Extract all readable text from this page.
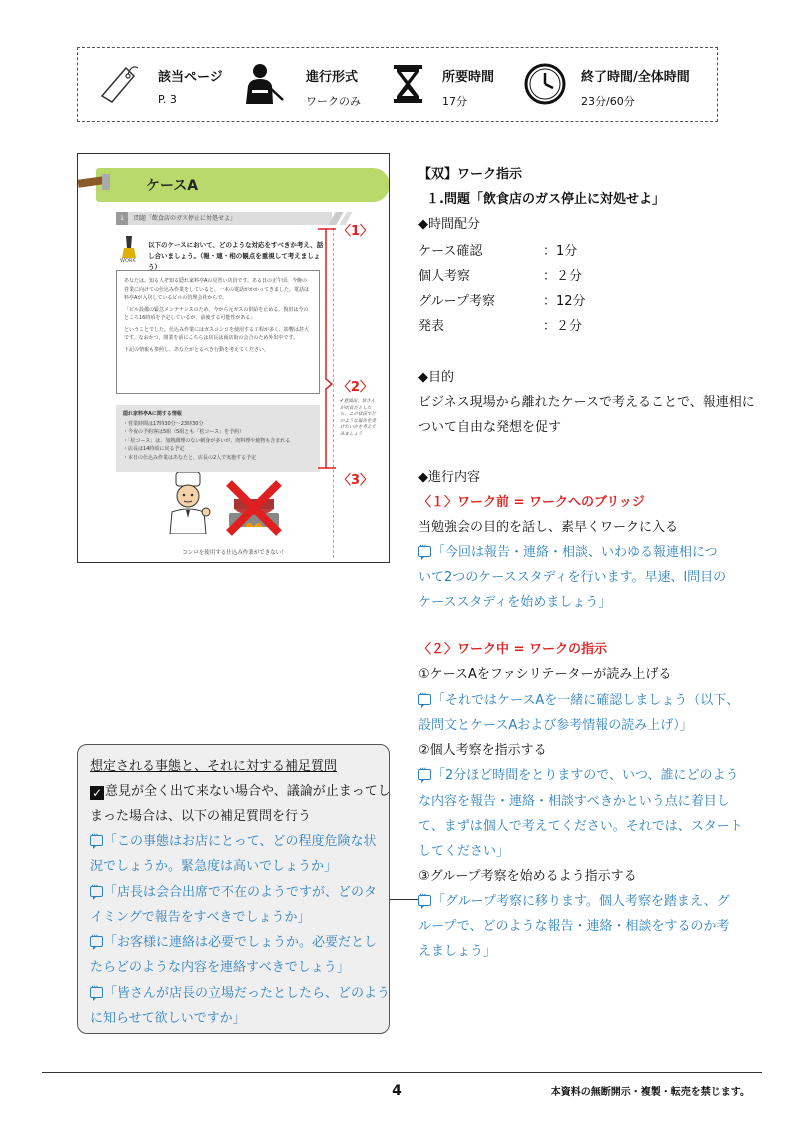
該当ページ
P. 3
進行形式
ワークのみ
所要時間
17分
終了時間/全体時間
23分/60分
ケースA
1	問題「飲食店のガス停止に対処せよ」
WORK
以下のケースにおいて、どのような対応をすべきか考え、話し合いましょう。（報・連・相の観点を重視して考えましょう）

あなたは、知る人ぞ知る隠れ家料亭Aの見習い店員です。ある日の正午頃、今晩の営業に向けての仕込み作業をしていると、一本の電話がかかってきました。電話は料亭Aが入居しているビルの管理会社からで、

「ビル設備の緊急メンテナンスのため、今から元ガスの供給を止める。復旧は今のところ16時頃を予定しているが、前後する可能性がある」

ということでした。仕込み作業にはガスコンロを使用する工程が多く、影響は甚大です。なおかつ、閉業を前にこちらは店長は商店街の会合のため外出中です。

下記の情報も参照し、あなたがとるべき行動を考えてください。

隠れ家料亭Aに関する情報
・営業時間は17時30分〜23時30分
・今夜の予約客は5組（5組とも「松コース」を予約）
・「松コース」は、加熱調理のない刺身が多いが、肉料理や焼物も含まれる
・店長は14時頃に戻る予定
・本日の仕込み作業はあなたと、店長の2人で実施する予定
✔意図出：皆さんが店長だとしたら、この状況でどのような報告を受けたいかを考えてみましょう
コンロを使用する仕込み作業ができない！
〈1〉
〈2〉
〈3〉
【双】ワーク指示
１.問題「飲食店のガス停止に対処せよ」
◆時間配分
ケース確認	：1分
個人考察	：２分
グループ考察	：12分
発表	：２分
◆目的
ビジネス現場から離れたケースで考えることで、報連相に
ついて自由な発想を促す
◆進行内容
〈１〉ワーク前 = ワークへのブリッジ
当勉強会の目的を話し、素早くワークに入る
···「今回は報告・連絡・相談、いわゆる報連相につ
いて2つのケーススタディを行います。早速、l問目の
ケーススタディを始めましょう」
〈２〉ワーク中 = ワークの指示
①ケースAをファシリテーターが読み上げる
···「それではケースAを一緒に確認しましょう（以下、
設問文とケースAおよび参考情報の読み上げ）」
②個人考察を指示する
···「2分ほど時間をとりますので、いつ、誰にどのよう
な内容を報告・連絡・相談すべきかという点に着目し
て、まずは個人で考えてください。それでは、スタート
してください」
③グループ考察を始めるよう指示する
···「グループ考察に移ります。個人考察を踏まえ、グ
ループで、どのような報告・連絡・相談をするのか考
えましょう」
想定される事態と、それに対する補足質問
✓ 意見が全く出て来ない場合や、議論が止まってし
まった場合は、以下の補足質問を行う
···「この事態はお店にとって、どの程度危険な状
況でしょうか。緊急度は高いでしょうか」
···「店長は会合出席で不在のようですが、どのタ
イミングで報告をすべきでしょうか」
···「お客様に連絡は必要でしょうか。必要だとし
たらどのような内容を連絡すべきでしょう」
···「皆さんが店長の立場だったとしたら、どのよう
に知らせて欲しいですか」
4	本資料の無断開示・複製・転売を禁じます。
